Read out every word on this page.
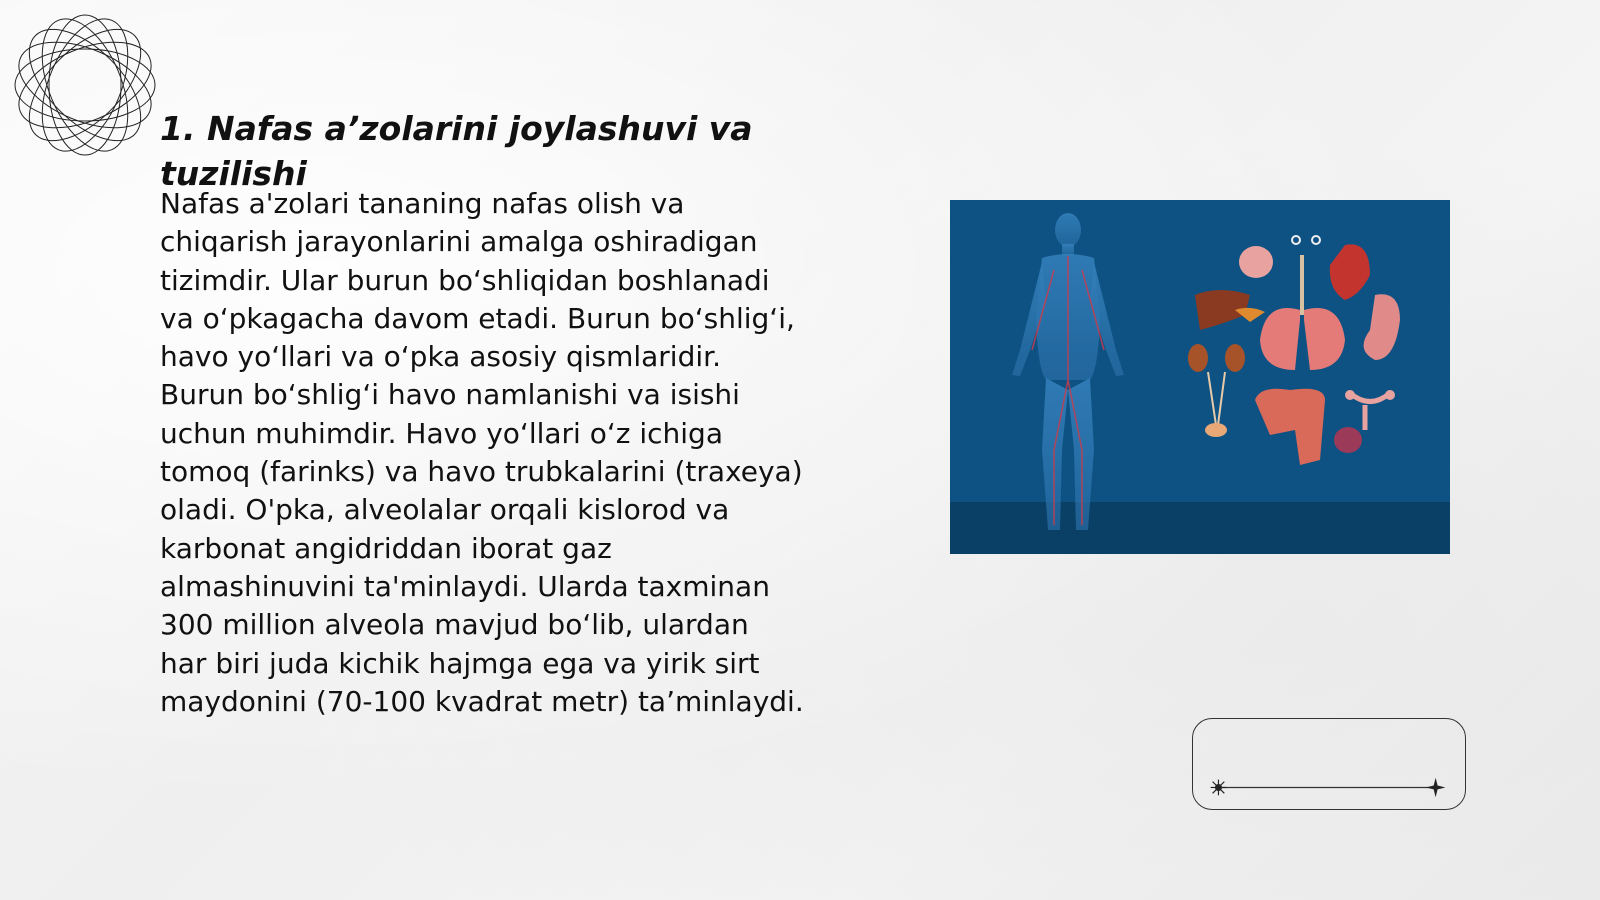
1. Nafas a’zolarini joylashuvi va tuzilishi
Nafas a'zolari tananing nafas olish va
chiqarish jarayonlarini amalga oshiradigan
tizimdir. Ular burun bo‘shliqidan boshlanadi
va o‘pkagacha davom etadi. Burun bo‘shlig‘i,
havo yo‘llari va o‘pka asosiy qismlaridir.
Burun bo‘shlig‘i havo namlanishi va isishi
uchun muhimdir. Havo yo‘llari o‘z ichiga
tomoq (farinks) va havo trubkalarini (traxeya)
oladi. O'pka, alveolalar orqali kislorod va
karbonat angidriddan iborat gaz
almashinuvini ta'minlaydi. Ularda taxminan
300 million alveola mavjud bo‘lib, ulardan
har biri juda kichik hajmga ega va yirik sirt
maydonini (70-100 kvadrat metr) ta’minlaydi.
